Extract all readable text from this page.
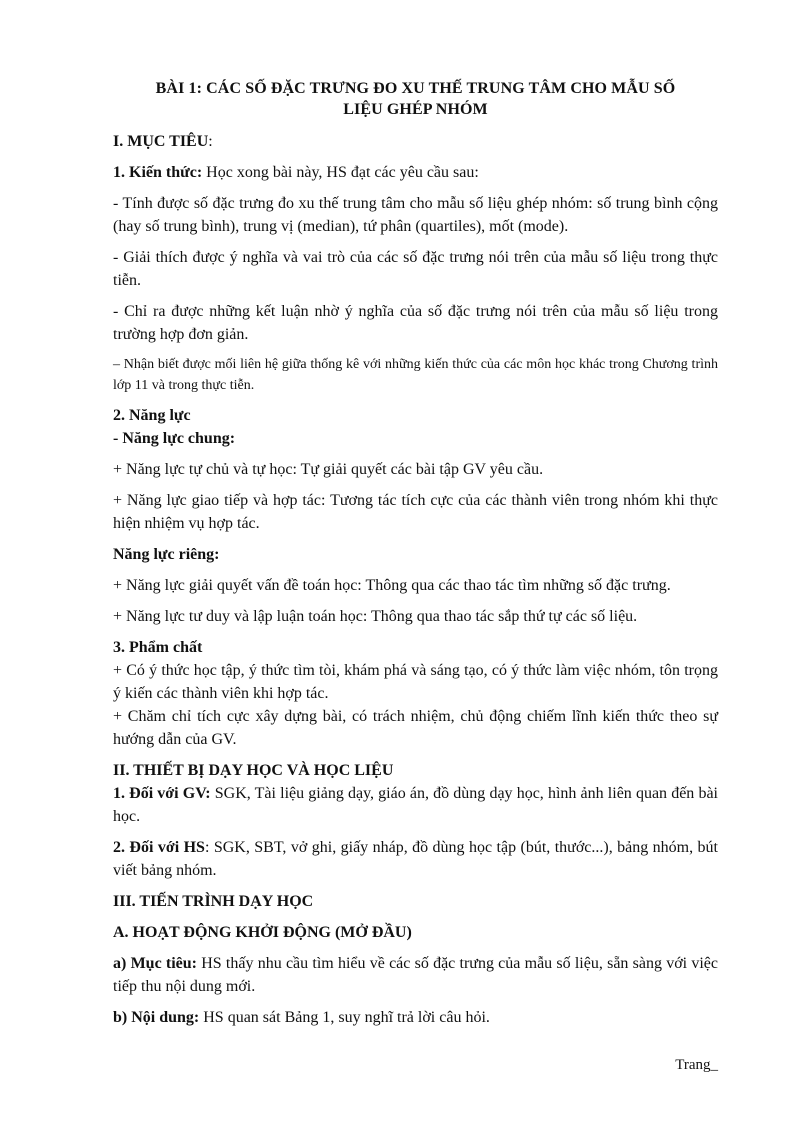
BÀI 1: CÁC SỐ ĐẶC TRƯNG ĐO XU THẾ TRUNG TÂM CHO MẪU SỐ
LIỆU GHÉP NHÓM

I. MỤC TIÊU:

1. Kiến thức: Học xong bài này, HS đạt các yêu cầu sau:

- Tính được số đặc trưng đo xu thế trung tâm cho mẫu số liệu ghép nhóm: số trung bình cộng (hay số trung bình), trung vị (median), tứ phân (quartiles), mốt (mode).

- Giải thích được ý nghĩa và vai trò của các số đặc trưng nói trên của mẫu số liệu trong thực tiễn.

- Chỉ ra được những kết luận nhờ ý nghĩa của số đặc trưng nói trên của mẫu số liệu trong trường hợp đơn giản.

– Nhận biết được mối liên hệ giữa thống kê với những kiến thức của các môn học khác trong Chương trình lớp 11 và trong thực tiễn.

2. Năng lực

- Năng lực chung:

+ Năng lực tự chủ và tự học: Tự giải quyết các bài tập GV yêu cầu.

+ Năng lực giao tiếp và hợp tác: Tương tác tích cực của các thành viên trong nhóm khi thực hiện nhiệm vụ hợp tác.

Năng lực riêng:

+ Năng lực giải quyết vấn đề toán học: Thông qua các thao tác tìm những số đặc trưng.

+ Năng lực tư duy và lập luận toán học: Thông qua thao tác sắp thứ tự các số liệu.

3. Phẩm chất

+ Có ý thức học tập, ý thức tìm tòi, khám phá và sáng tạo, có ý thức làm việc nhóm, tôn trọng ý kiến các thành viên khi hợp tác.

+ Chăm chỉ tích cực xây dựng bài, có trách nhiệm, chủ động chiếm lĩnh kiến thức theo sự hướng dẫn của GV.

II. THIẾT BỊ DẠY HỌC VÀ HỌC LIỆU

1. Đối với GV: SGK, Tài liệu giảng dạy, giáo án, đồ dùng dạy học, hình ảnh liên quan đến bài học.

2. Đối với HS: SGK, SBT, vở ghi, giấy nháp, đồ dùng học tập (bút, thước...), bảng nhóm, bút viết bảng nhóm.

III. TIẾN TRÌNH DẠY HỌC

A. HOẠT ĐỘNG KHỞI ĐỘNG (MỞ ĐẦU)

a) Mục tiêu: HS thấy nhu cầu tìm hiểu về các số đặc trưng của mẫu số liệu, sẵn sàng với việc tiếp thu nội dung mới.

b) Nội dung: HS quan sát Bảng 1, suy nghĩ trả lời câu hỏi.

Trang_
